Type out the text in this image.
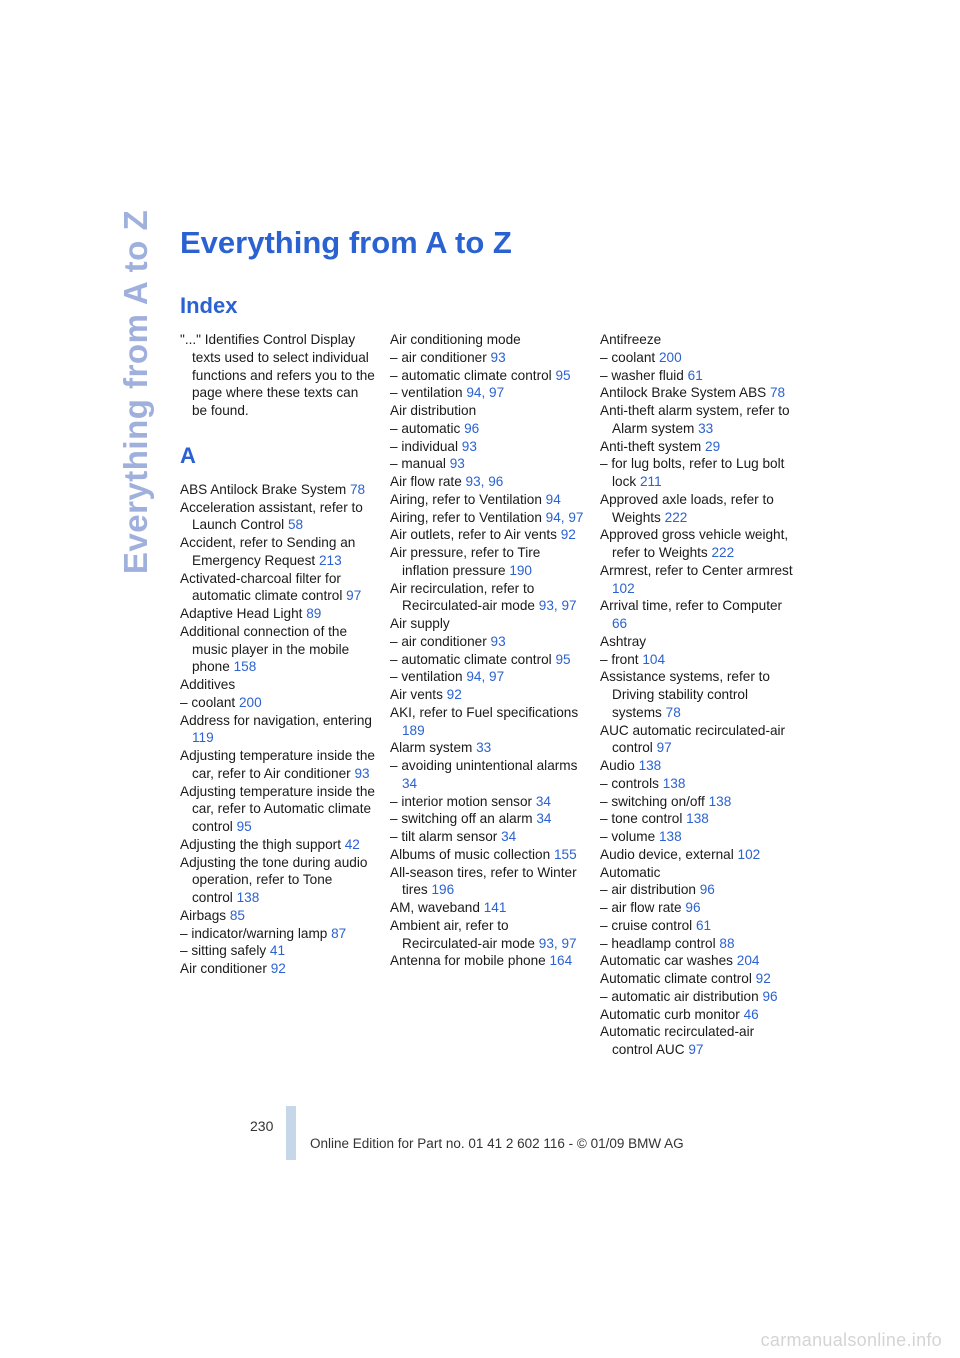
Everything from A to Z Everything from A to Z
Index
"..." Identifies Control Display texts used to select individual functions and refers you to the page where these texts can be found.
A
ABS Antilock Brake System 78
Acceleration assistant, refer to Launch Control 58
Accident, refer to Sending an Emergency Request 213
Activated-charcoal filter for automatic climate control 97
Adaptive Head Light 89
Additional connection of the music player in the mobile phone 158
Additives
– coolant 200
Address for navigation, entering 119
Adjusting temperature inside the car, refer to Air conditioner 93
Adjusting temperature inside the car, refer to Automatic climate control 95
Adjusting the thigh support 42
Adjusting the tone during audio operation, refer to Tone control 138
Airbags 85
– indicator/warning lamp 87
– sitting safely 41
Air conditioner 92
Air conditioning mode
– air conditioner 93
– automatic climate control 95
– ventilation 94, 97
Air distribution
– automatic 96
– individual 93
– manual 93
Air flow rate 93, 96
Airing, refer to Ventilation 94
Airing, refer to Ventilation 94, 97
Air outlets, refer to Air vents 92
Air pressure, refer to Tire inflation pressure 190
Air recirculation, refer to Recirculated-air mode 93, 97
Air supply
– air conditioner 93
– automatic climate control 95
– ventilation 94, 97
Air vents 92
AKI, refer to Fuel specifications 189
Alarm system 33
– avoiding unintentional alarms 34
– interior motion sensor 34
– switching off an alarm 34
– tilt alarm sensor 34
Albums of music collection 155
All-season tires, refer to Winter tires 196
AM, waveband 141
Ambient air, refer to Recirculated-air mode 93, 97
Antenna for mobile phone 164
Antifreeze
– coolant 200
– washer fluid 61
Antilock Brake System ABS 78
Anti-theft alarm system, refer to Alarm system 33
Anti-theft system 29
– for lug bolts, refer to Lug bolt lock 211
Approved axle loads, refer to Weights 222
Approved gross vehicle weight, refer to Weights 222
Armrest, refer to Center armrest 102
Arrival time, refer to Computer 66
Ashtray
– front 104
Assistance systems, refer to Driving stability control systems 78
AUC automatic recirculated-air control 97
Audio 138
– controls 138
– switching on/off 138
– tone control 138
– volume 138
Audio device, external 102
Automatic
– air distribution 96
– air flow rate 96
– cruise control 61
– headlamp control 88
Automatic car washes 204
Automatic climate control 92
– automatic air distribution 96
Automatic curb monitor 46
Automatic recirculated-air control AUC 97
230
Online Edition for Part no. 01 41 2 602 116 - © 01/09 BMW AG
carmanualsonline.info
